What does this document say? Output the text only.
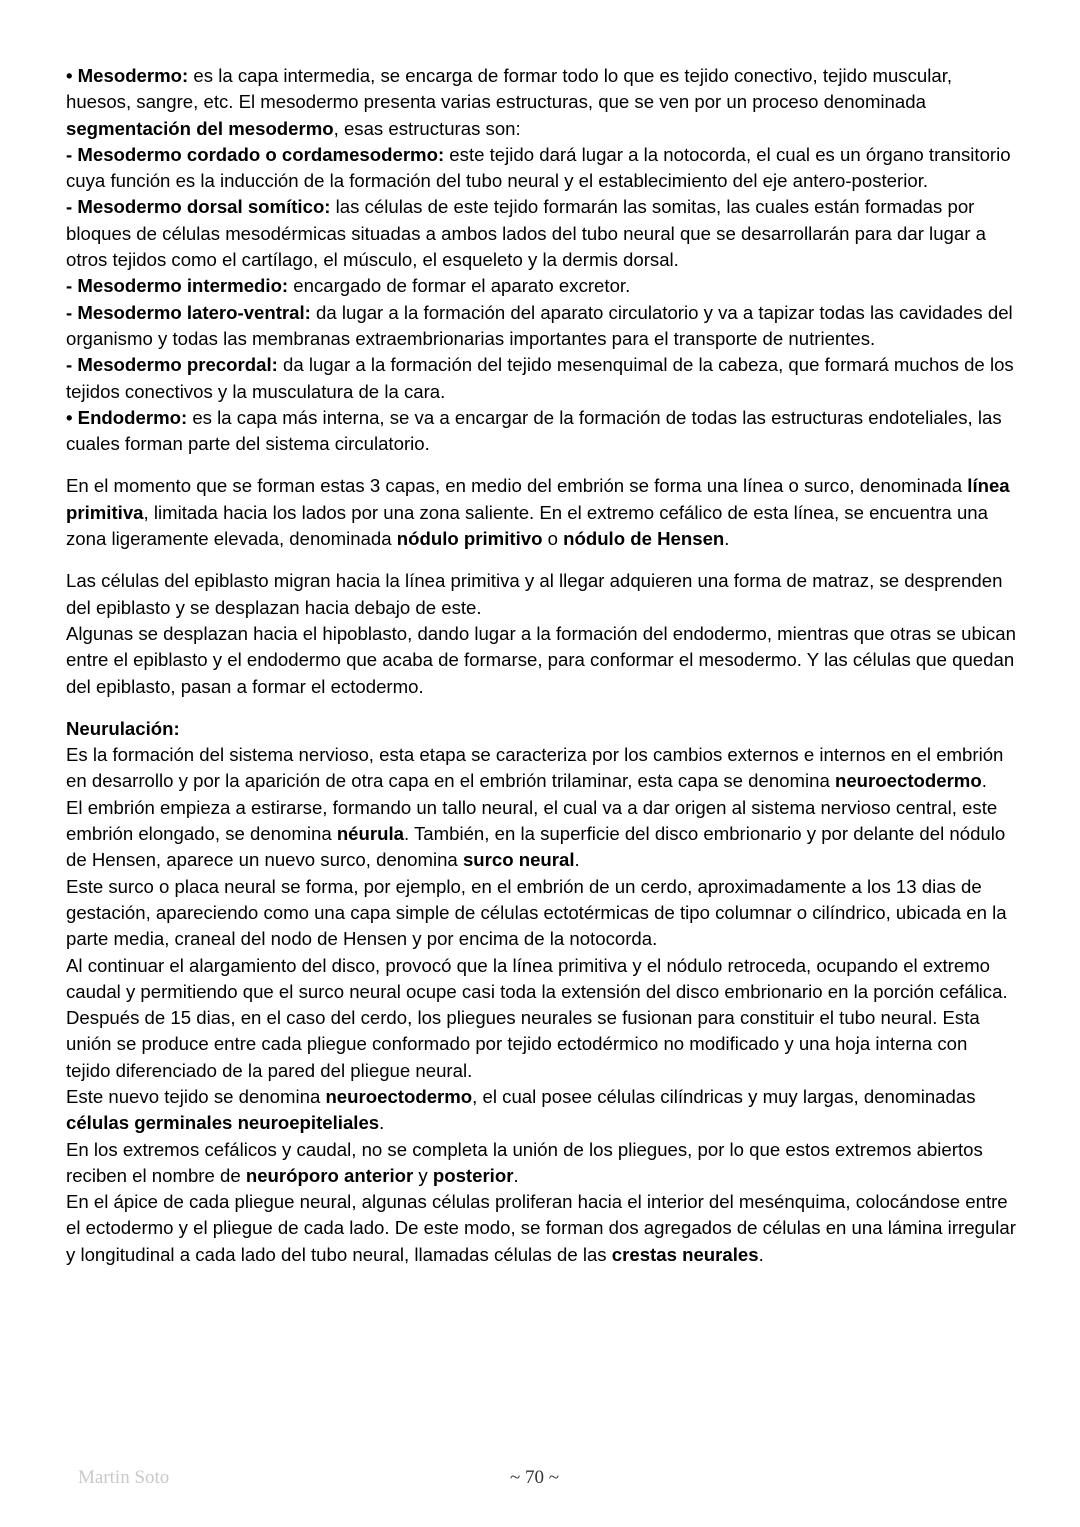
• Mesodermo: es la capa intermedia, se encarga de formar todo lo que es tejido conectivo, tejido muscular, huesos, sangre, etc. El mesodermo presenta varias estructuras, que se ven por un proceso denominada segmentación del mesodermo, esas estructuras son:

- Mesodermo cordado o cordamesodermo: este tejido dará lugar a la notocorda, el cual es un órgano transitorio cuya función es la inducción de la formación del tubo neural y el establecimiento del eje antero-posterior.

- Mesodermo dorsal somítico: las células de este tejido formarán las somitas, las cuales están formadas por bloques de células mesodérmicas situadas a ambos lados del tubo neural que se desarrollarán para dar lugar a otros tejidos como el cartílago, el músculo, el esqueleto y la dermis dorsal.

- Mesodermo intermedio: encargado de formar el aparato excretor.

- Mesodermo latero-ventral: da lugar a la formación del aparato circulatorio y va a tapizar todas las cavidades del organismo y todas las membranas extraembrionarias importantes para el transporte de nutrientes.

- Mesodermo precordal: da lugar a la formación del tejido mesenquimal de la cabeza, que formará muchos de los tejidos conectivos y la musculatura de la cara.

• Endodermo: es la capa más interna, se va a encargar de la formación de todas las estructuras endoteliales, las cuales forman parte del sistema circulatorio.

En el momento que se forman estas 3 capas, en medio del embrión se forma una línea o surco, denominada línea primitiva, limitada hacia los lados por una zona saliente. En el extremo cefálico de esta línea, se encuentra una zona ligeramente elevada, denominada nódulo primitivo o nódulo de Hensen.

Las células del epiblasto migran hacia la línea primitiva y al llegar adquieren una forma de matraz, se desprenden del epiblasto y se desplazan hacia debajo de este.

Algunas se desplazan hacia el hipoblasto, dando lugar a la formación del endodermo, mientras que otras se ubican entre el epiblasto y el endodermo que acaba de formarse, para conformar el mesodermo. Y las células que quedan del epiblasto, pasan a formar el ectodermo.

Neurulación:

Es la formación del sistema nervioso, esta etapa se caracteriza por los cambios externos e internos en el embrión en desarrollo y por la aparición de otra capa en el embrión trilaminar, esta capa se denomina neuroectodermo.

El embrión empieza a estirarse, formando un tallo neural, el cual va a dar origen al sistema nervioso central, este embrión elongado, se denomina néurula. También, en la superficie del disco embrionario y por delante del nódulo de Hensen, aparece un nuevo surco, denomina surco neural.

Este surco o placa neural se forma, por ejemplo, en el embrión de un cerdo, aproximadamente a los 13 dias de gestación, apareciendo como una capa simple de células ectotérmicas de tipo columnar o cilíndrico, ubicada en la parte media, craneal del nodo de Hensen y por encima de la notocorda.

Al continuar el alargamiento del disco, provocó que la línea primitiva y el nódulo retroceda, ocupando el extremo caudal y permitiendo que el surco neural ocupe casi toda la extensión del disco embrionario en la porción cefálica.

Después de 15 dias, en el caso del cerdo, los pliegues neurales se fusionan para constituir el tubo neural. Esta unión se produce entre cada pliegue conformado por tejido ectodérmico no modificado y una hoja interna con tejido diferenciado de la pared del pliegue neural.

Este nuevo tejido se denomina neuroectodermo, el cual posee células cilíndricas y muy largas, denominadas células germinales neuroepiteliales.

En los extremos cefálicos y caudal, no se completa la unión de los pliegues, por lo que estos extremos abiertos reciben el nombre de neuróporo anterior y posterior.

En el ápice de cada pliegue neural, algunas células proliferan hacia el interior del mesénquima, colocándose entre el ectodermo y el pliegue de cada lado. De este modo, se forman dos agregados de células en una lámina irregular y longitudinal a cada lado del tubo neural, llamadas células de las crestas neurales.

Martin Soto	~ 70 ~
